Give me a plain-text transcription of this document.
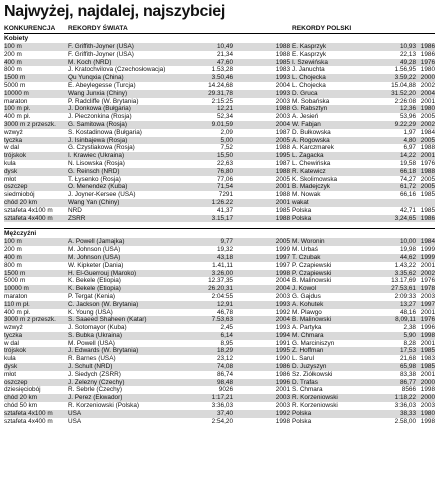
Najwyżej, najdalej, najszybciej
KONKURENCJA	REKORDY ŚWIATA	REKORDY POLSKI
Kobiety
100 m	F. Griffith-Joyner (USA)	10,49	1988 E. Kasprzyk	10,93 1986
200 m	F. Griffith-Joyner (USA)	21,34	1988 E. Kasprzyk	22,13 1986
400 m	M. Koch (NRD)	47,60	1985 I. Szewińska	49,28 1976
800 m	J. Kratochvilova (Czechosłowacja)	1.53,28	1983 J. Januchta	1.56,95 1980
1500 m	Qu Yunqxia (China)	3.50,46	1993 L. Chojecka	3.59,22 2000
5000 m	E. Abeylegesse (Turcja)	14.24,68	2004 L. Chojecka	15.04,88 2002
10000 m	Wang Junxia (Chiny)	29.31,78	1993 D. Gruca	31.52,20 2004
maraton	P. Radcliffe (W. Brytania)	2:15:25	2003 M. Sobańska	2:26:08 2001
100 m pł.	J. Donkowa (Bułgaria)	12,21	1988 G. Rabsztyn	12,36 1980
400 m pł.	J. Pieczonkina (Rosja)	52,34	2003 A. Jesień	53,96 2005
3000 m z przeszk.	G. Samitowa (Rosja)	9.01,59	2004 W. Fabjan	9.22,29 2002
wzwyż	S. Kostadinowa (Bułgaria)	2,09	1987 D. Bułkowska	1,97 1984
tyczka	J. Isinbajewa (Rosja)	5,00	2005 A. Rogowska	4,80 2005
w dal	G. Czystiakowa (Rosja)	7,52	1988 A. Karczmarek	6,97 1988
trójskok	I. Krawiec (Ukraina)	15,50	1995 L. Zagacka	14,22 2001
kula	N. Lisowska (Rosja)	22,63	1987 L. Chewińska	19,58 1976
dysk	G. Reinsch (NRD)	76,80	1988 R. Katewicz	66,18 1988
młot	T. Łysenko (Rosja)	77,06	2005 K. Skolimowska	74,27 2005
oszczep	O. Menendez (Kuba)	71,54	2001 B. Madejczyk	61,72 2005
siedmiobój	J. Joyner-Kersee (USA)	7291	1988 M. Nowak	66,16 1985
chód 20 km	Wang Yan (Chiny)	1:26.22	2001 wakat
sztafeta 4x100 m	NRD	41,37	1985 Polska	42,71 1985
sztafeta 4x400 m	ZSRR	3.15,17	1988 Polska	3,24,65 1986
Mężczyźni
100 m	A. Powell (Jamajka)	9,77	2005 M. Woronin	10,00 1984
200 m	M. Johnson (USA)	19,32	1999 M. Urbaś	19,98 1999
400 m	M. Johnson (USA)	43,18	1997 T. Czubak	44,62 1999
800 m	W. Kipketer (Dania)	1.41,11	1997 P. Czapiewski	1.43,22 2001
1500 m	H. El-Guerrouj (Maroko)	3.26,00	1998 P. Czapiewski	3.35,62 2002
5000 m	K. Bekele (Etiopia)	12.37,35	2004 B. Malinowski	13.17,69 1976
10000 m	K. Bekele (Etiopia)	26.20,31	2004 J. Kowol	27.53,61 1978
maraton	P. Tergat (Kenia)	2:04:55	2003 G. Gajdus	2:09:33 2003
110 m pł.	C. Jackson (W. Brytania)	12,91	1993 A. Kohutek	13,27 1997
400 m pł.	K. Young (USA)	46,78	1992 M. Plawgo	48,16 2001
3000 m z przeszk.	S. Saaeed Shaheen (Katar)	7.53,63	2004 B. Malinowski	8,09,11 1976
wzwyż	J. Sotomayor (Kuba)	2,45	1993 A. Partyka	2,38 1996
tyczka	S. Bubka (Ukraina)	6,14	1994 M. Chmara	5,90 1998
w dal	M. Powell (USA)	8,95	1991 G. Marciniszyn	8,28 2001
trójskok	J. Edwards (W. Brytania)	18,29	1995 Z. Hoffman	17,53 1985
kula	R. Barnes (USA)	23,12	1990 L. Sarul	21,68 1983
dysk	J. Schult (NRD)	74,08	1986 D. Juzyszyn	65,98 1985
młot	J. Siedych (ZSRR)	86,74	1986 Sz. Ziółkowski	83,38 2001
oszczep	J. Zelezny (Czechy)	98,48	1996 D. Trafas	86,77 2000
dziesięciobój	R. Šebrle (Czechy)	9026	2001 S. Chmara	8566 1998
chód 20 km	J. Perez (Ekwador)	1:17,21	2003 R. Korzeniowski	1:18,22 2000
chód 50 km	R. Korzeniowski (Polska)	3:36,03	2003 R. Korzeniowski	3:36,03 2003
sztafeta 4x100 m	USA	37,40	1992 Polska	38,33 1980
sztafeta 4x400 m	USA	2:54,20	1998 Polska	2.58,00 1998
